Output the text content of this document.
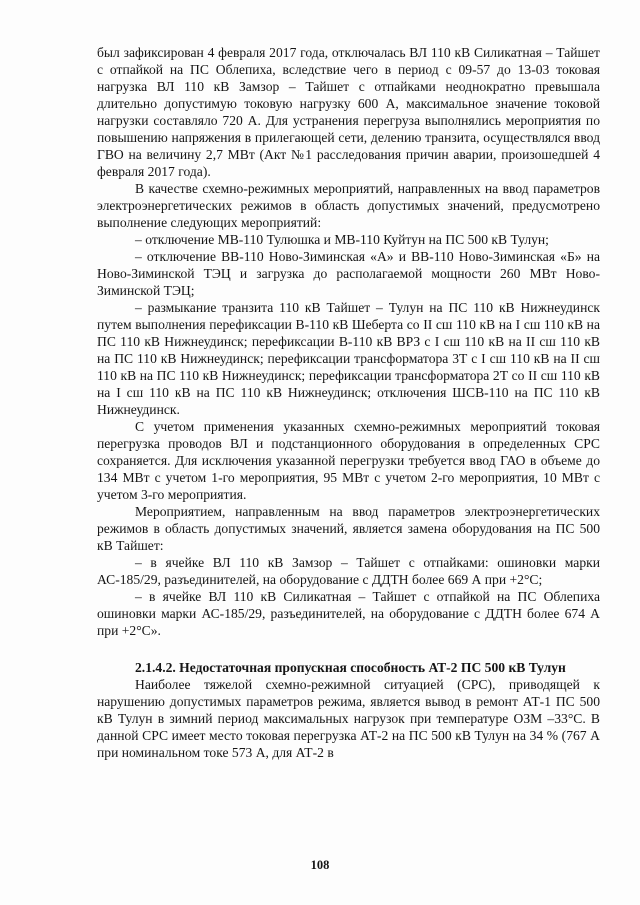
был зафиксирован 4 февраля 2017 года, отключалась ВЛ 110 кВ Силикатная – Тайшет с отпайкой на ПС Облепиха, вследствие чего в период с 09-57 до 13-03 токовая нагрузка ВЛ 110 кВ Замзор – Тайшет с отпайками неоднократно превышала длительно допустимую токовую нагрузку 600 А, максимальное значение токовой нагрузки составляло 720 А. Для устранения перегруза выполнялись мероприятия по повышению напряжения в прилегающей сети, делению транзита, осуществлялся ввод ГВО на величину 2,7 МВт (Акт №1 расследования причин аварии, произошедшей 4 февраля 2017 года).

В качестве схемно-режимных мероприятий, направленных на ввод параметров электроэнергетических режимов в область допустимых значений, предусмотрено выполнение следующих мероприятий:

– отключение МВ-110 Тулюшка и МВ-110 Куйтун на ПС 500 кВ Тулун;

– отключение ВВ-110 Ново-Зиминская «А» и ВВ-110 Ново-Зиминская «Б» на Ново-Зиминской ТЭЦ и загрузка до располагаемой мощности 260 МВт Ново-Зиминской ТЭЦ;

– размыкание транзита 110 кВ Тайшет – Тулун на ПС 110 кВ Нижнеудинск путем выполнения перефиксации В-110 кВ Шеберта со II сш 110 кВ на I сш 110 кВ на ПС 110 кВ Нижнеудинск; перефиксации В-110 кВ ВРЗ с I сш 110 кВ на II сш 110 кВ на ПС 110 кВ Нижнеудинск; перефиксации трансформатора 3Т с I сш 110 кВ на II сш 110 кВ на ПС 110 кВ Нижнеудинск; перефиксации трансформатора 2Т со II сш 110 кВ на I сш 110 кВ на ПС 110 кВ Нижнеудинск; отключения ШСВ-110 на ПС 110 кВ Нижнеудинск.

С учетом применения указанных схемно-режимных мероприятий токовая перегрузка проводов ВЛ и подстанционного оборудования в определенных СРС сохраняется. Для исключения указанной перегрузки требуется ввод ГАО в объеме до 134 МВт с учетом 1-го мероприятия, 95 МВт с учетом 2-го мероприятия, 10 МВт с учетом 3-го мероприятия.

Мероприятием, направленным на ввод параметров электроэнергетических режимов в область допустимых значений, является замена оборудования на ПС 500 кВ Тайшет:

– в ячейке ВЛ 110 кВ Замзор – Тайшет с отпайками: ошиновки марки АС-185/29, разъединителей, на оборудование с ДДТН более 669 А при +2°С;

– в ячейке ВЛ 110 кВ Силикатная – Тайшет с отпайкой на ПС Облепиха ошиновки марки АС-185/29, разъединителей, на оборудование с ДДТН более 674 А при +2°С».

2.1.4.2. Недостаточная пропускная способность АТ-2 ПС 500 кВ Тулун

Наиболее тяжелой схемно-режимной ситуацией (СРС), приводящей к нарушению допустимых параметров режима, является вывод в ремонт АТ-1 ПС 500 кВ Тулун в зимний период максимальных нагрузок при температуре ОЗМ –33°С. В данной СРС имеет место токовая перегрузка АТ-2 на ПС 500 кВ Тулун на 34 % (767 А при номинальном токе 573 А, для АТ-2 в

108
